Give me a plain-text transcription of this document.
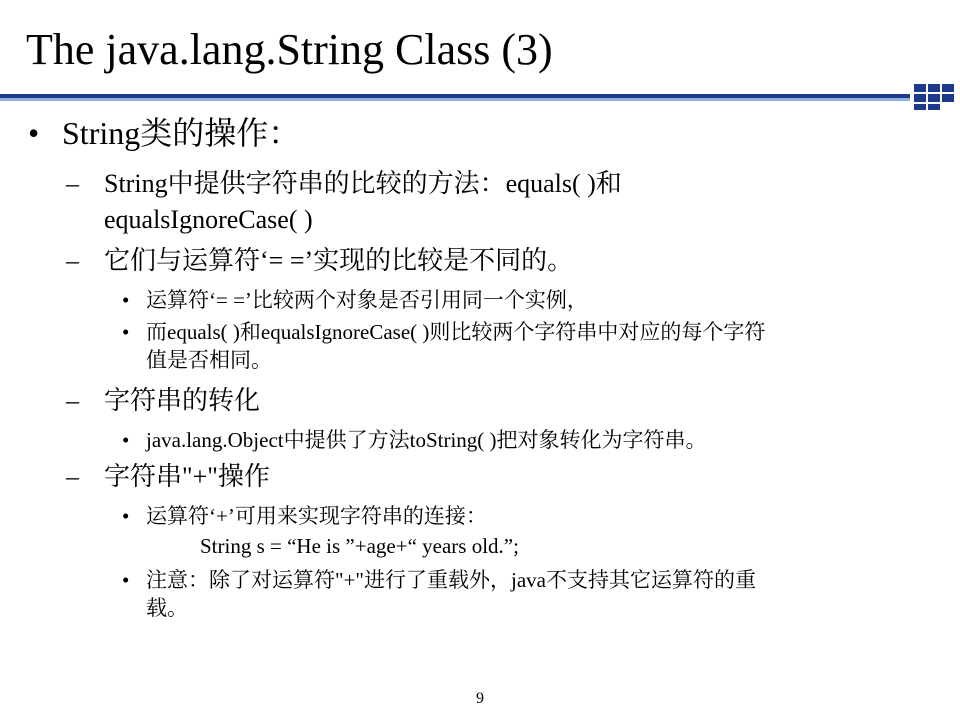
The java.lang.String Class (3)
• String类的操作：
– String中提供字符串的比较的方法：equals( )和
equalsIgnoreCase( )
– 它们与运算符‘= =’实现的比较是不同的。
• 运算符‘= =’比较两个对象是否引用同一个实例，
• 而equals( )和equalsIgnoreCase( )则比较两个字符串中对应的每个字符
值是否相同。
– 字符串的转化
• java.lang.Object中提供了方法toString( )把对象转化为字符串。
– 字符串"+"操作
• 运算符‘+’可用来实现字符串的连接：
String s = “He is ”+age+“ years old.”;
• 注意：除了对运算符"+"进行了重载外，java不支持其它运算符的重
载。
9
